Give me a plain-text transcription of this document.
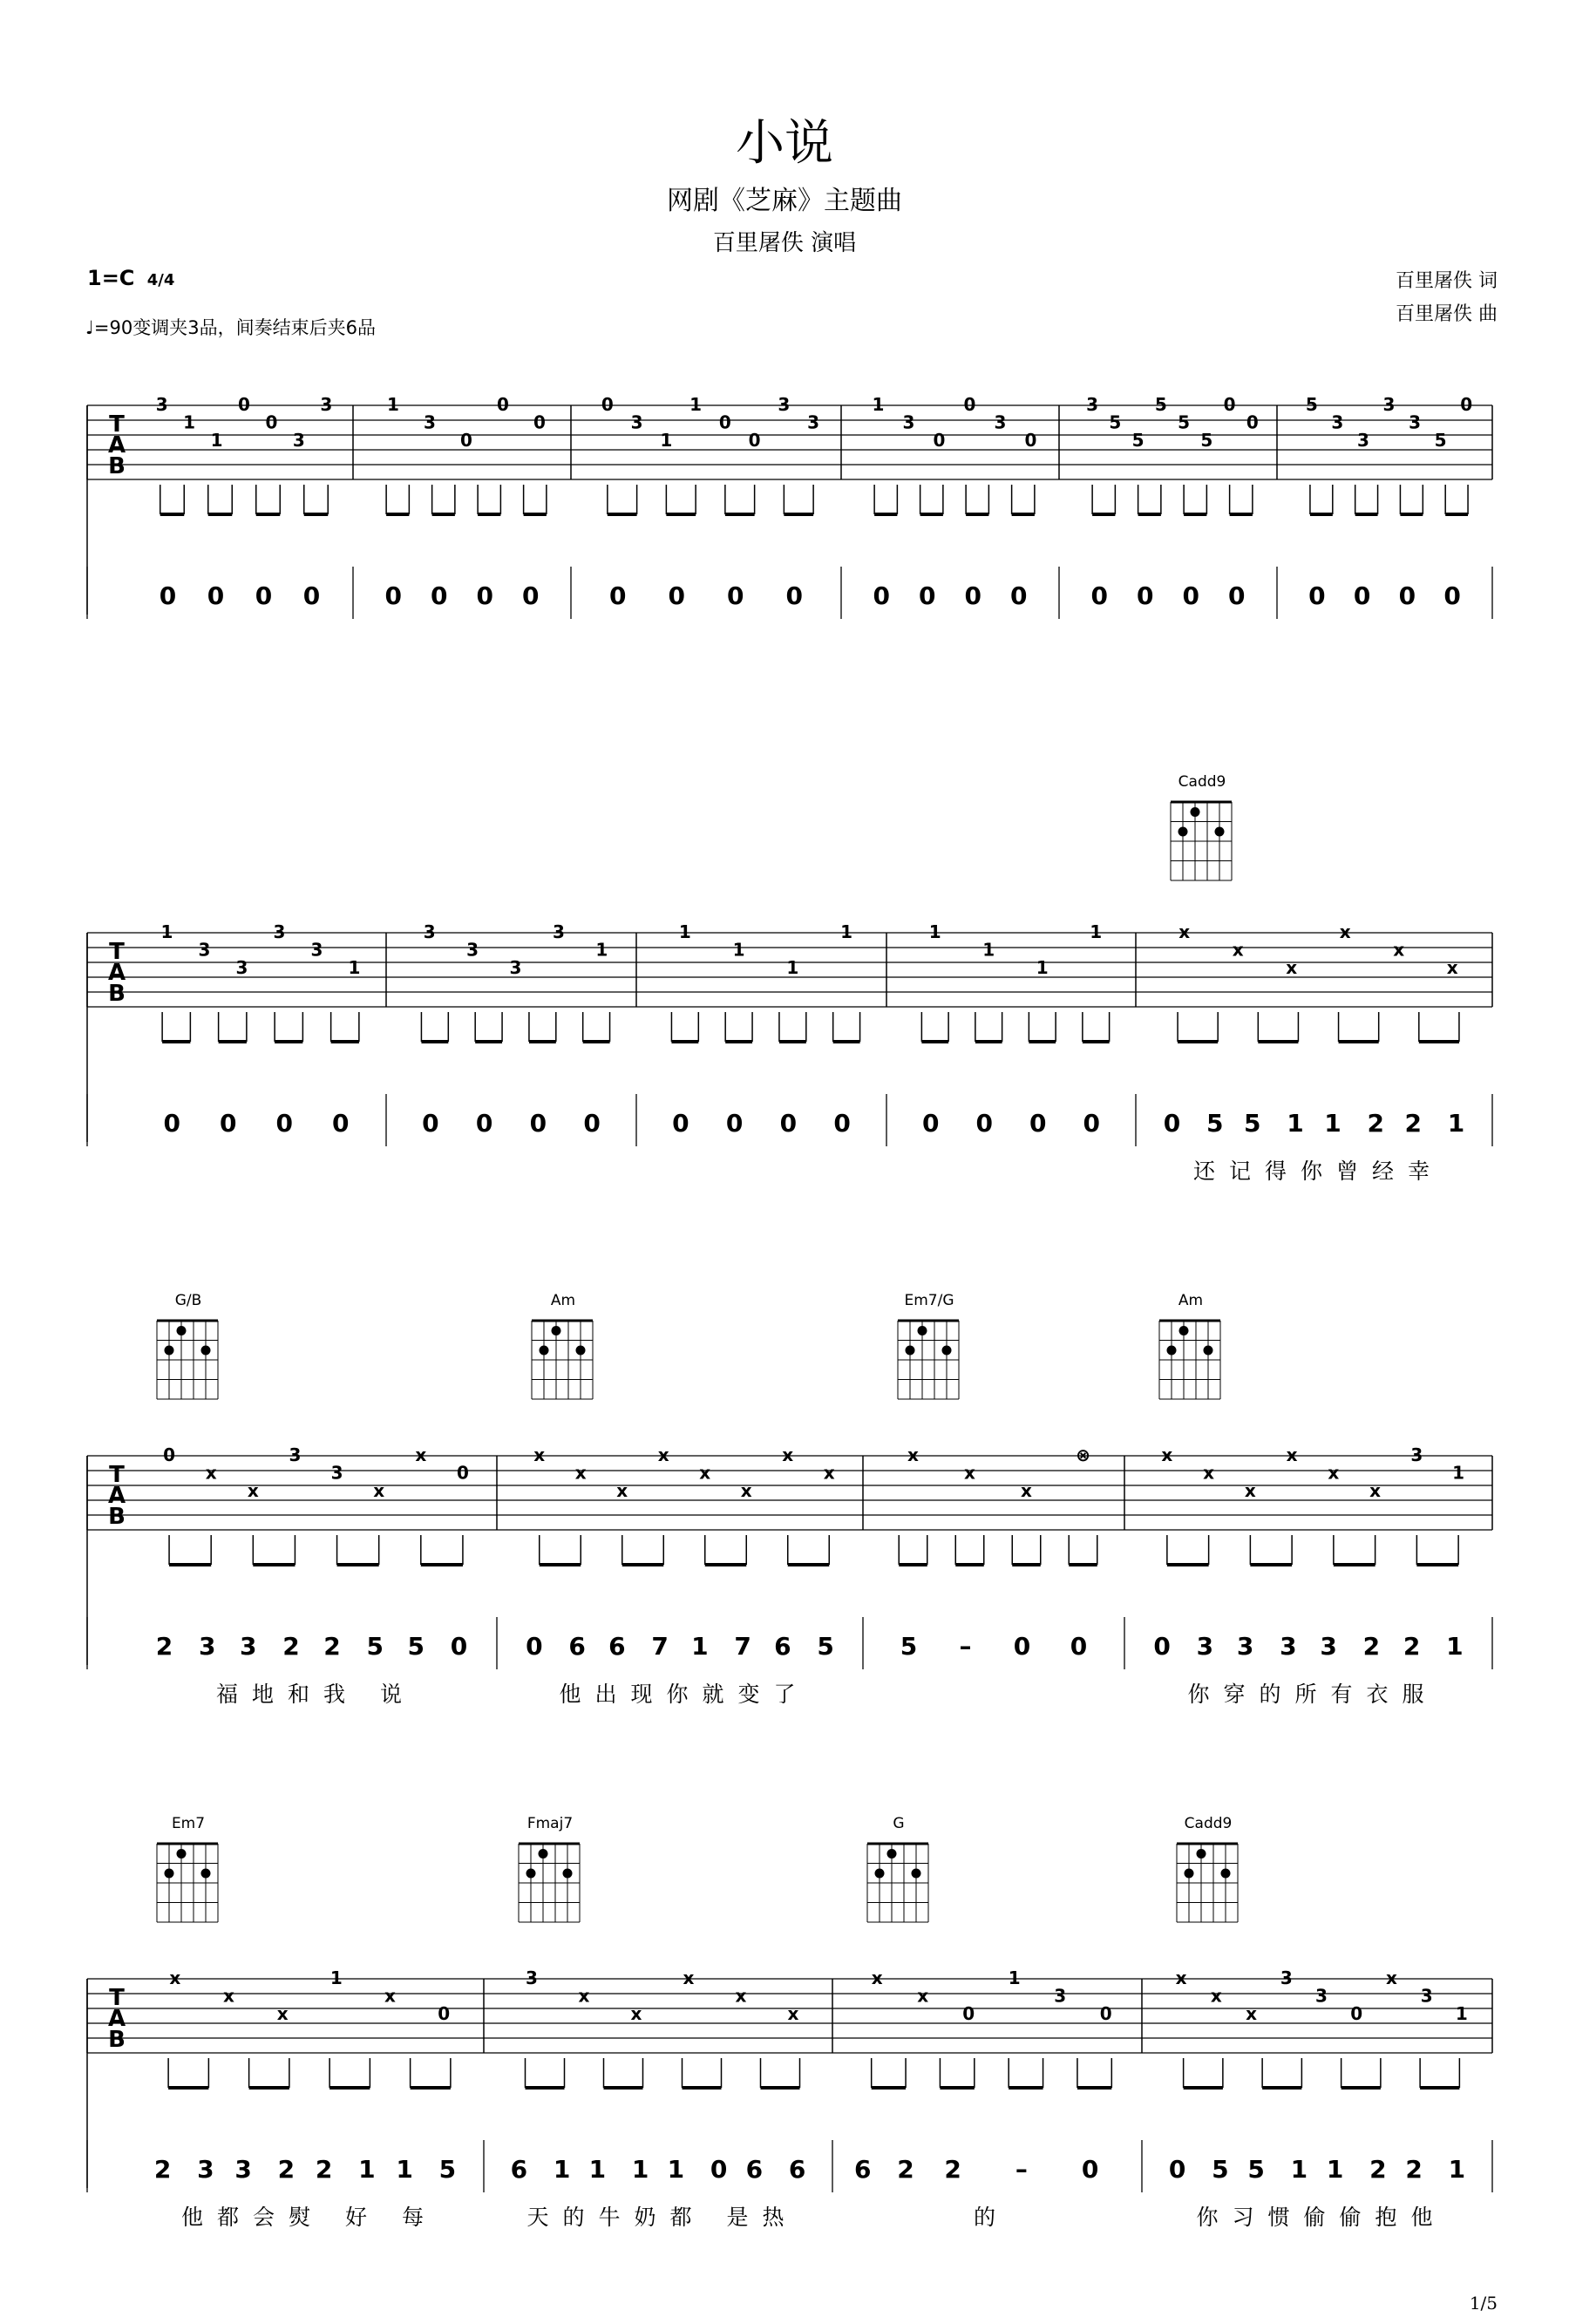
小说
网剧《芝麻》主题曲
百里屠佚 演唱
百里屠佚 词
百里屠佚 曲
1=C 4/4
♩=90变调夹3品，间奏结束后夹6品
T
A
B
3
1
1
0
0
3
3
0 0 0 0
1
3
0
0
0
0 0 0 0
0
3
1
1
0
0
3
3
0 0 0 0
1
3
0
0
3
0
0 0 0 0
3
5
5
5
5
5
0
0
0 0 0 0
5
3
3
3
3
5
0
0 0 0 0
T
A
B
1
3
3
3
3
1
0 0 0 0
3
3
3
3
1
0 0 0 0
1
1
1
1
0 0 0 0
1
1
1
1
0 0 0 0
x
x
x
x
x
x
0 5 5 1 1 2 2 1
还记得你曾经幸
Cadd9
T
A
B
0
x
x
3
3
x
x
0
2 3 3 2 2 5 5 0
福地和我 说
G/B
x
x
x
x
x
x
x
x
0 6 6 7 1 7 6 5
他出现你就变了
Am
x
x
x
⊗
5 – 0 0
Em7/G
x
x
x
x
x
x
3
1
0 3 3 3 3 2 2 1
你穿的所有衣服
Am
T
A
B
x
x
x
1
x
0
2 3 3 2 2 1 1 5
他都会熨 好 每
Em7
3
x
x
x
x
x
6 1 1 1 1 0 6 6
天的牛奶都 是热
Fmaj7
x
x
0
1
3
0
6 2 2 – 0
的
G
x
x
x
3
3
0
x
3
1
0 5 5 1 1 2 2 1
你习惯偷偷抱他
Cadd9
1/5
